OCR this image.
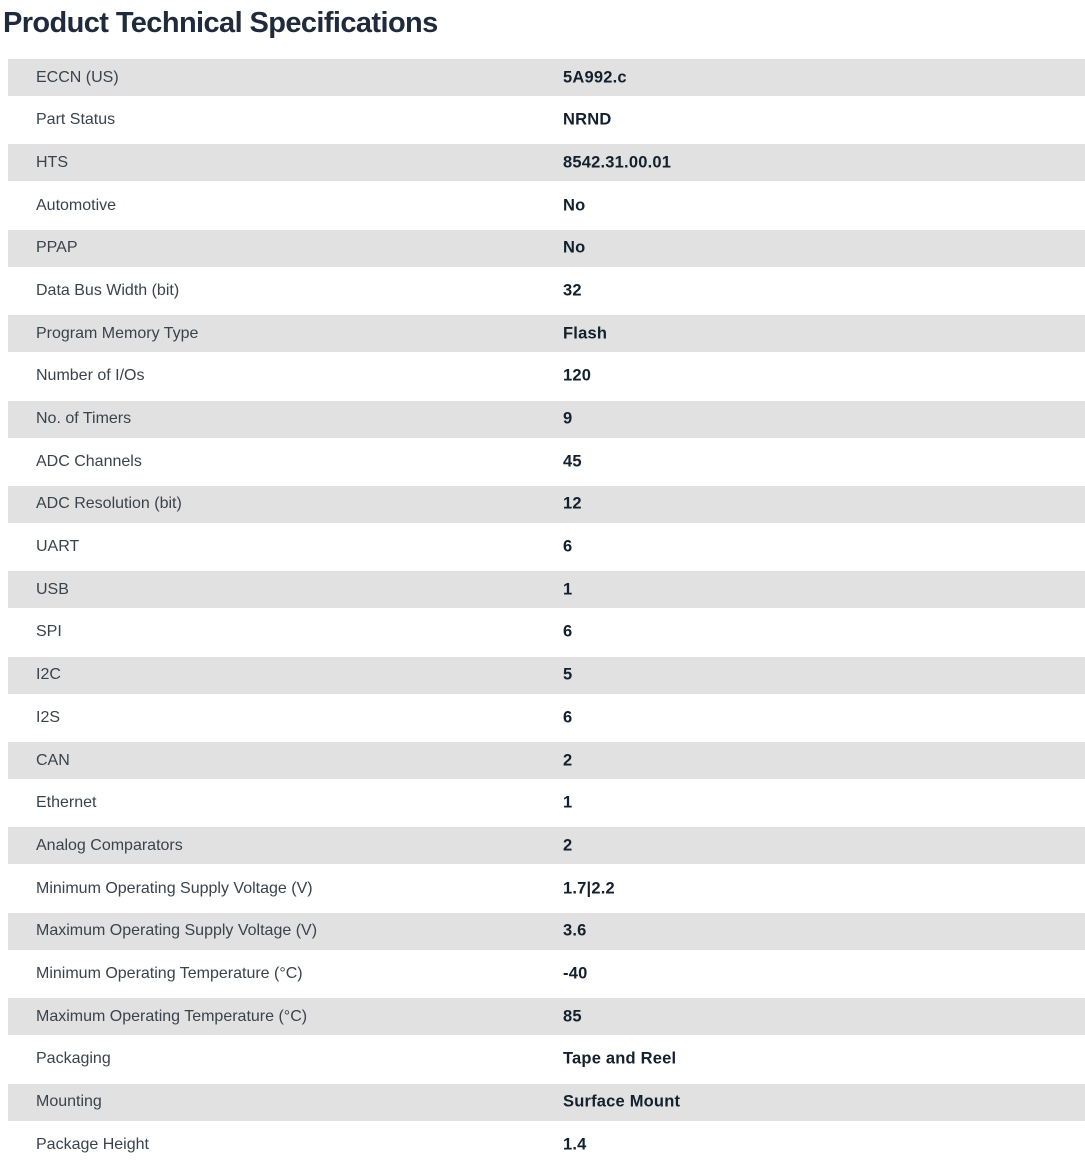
Product Technical Specifications
ECCN (US)	5A992.c
Part Status	NRND
HTS	8542.31.00.01
Automotive	No
PPAP	No
Data Bus Width (bit)	32
Program Memory Type	Flash
Number of I/Os	120
No. of Timers	9
ADC Channels	45
ADC Resolution (bit)	12
UART	6
USB	1
SPI	6
I2C	5
I2S	6
CAN	2
Ethernet	1
Analog Comparators	2
Minimum Operating Supply Voltage (V)	1.7|2.2
Maximum Operating Supply Voltage (V)	3.6
Minimum Operating Temperature (°C)	-40
Maximum Operating Temperature (°C)	85
Packaging	Tape and Reel
Mounting	Surface Mount
Package Height	1.4
